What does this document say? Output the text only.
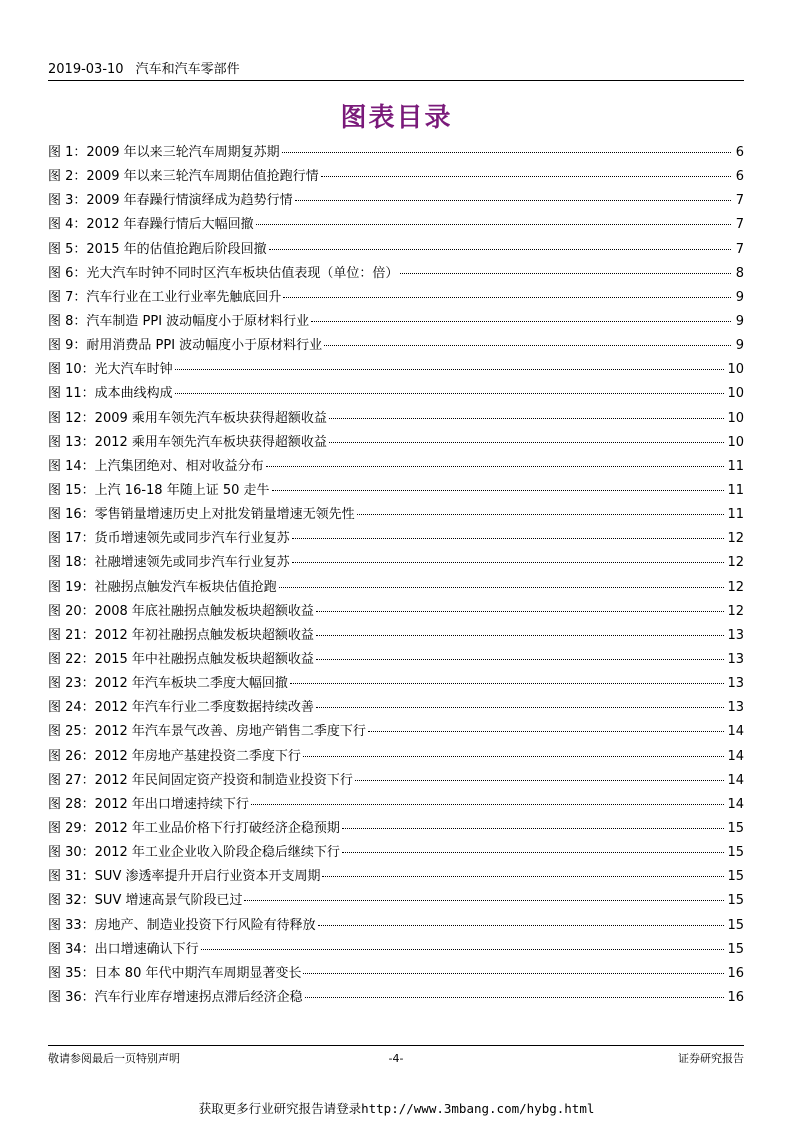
2019-03-10 汽车和汽车零部件
图表目录
图 1：2009 年以来三轮汽车周期复苏期	6
图 2：2009 年以来三轮汽车周期估值抢跑行情	6
图 3：2009 年春躁行情演绎成为趋势行情	7
图 4：2012 年春躁行情后大幅回撤	7
图 5：2015 年的估值抢跑后阶段回撤	7
图 6：光大汽车时钟不同时区汽车板块估值表现（单位：倍）	8
图 7：汽车行业在工业行业率先触底回升	9
图 8：汽车制造 PPI 波动幅度小于原材料行业	9
图 9：耐用消费品 PPI 波动幅度小于原材料行业	9
图 10：光大汽车时钟	10
图 11：成本曲线构成	10
图 12：2009 乘用车领先汽车板块获得超额收益	10
图 13：2012 乘用车领先汽车板块获得超额收益	10
图 14：上汽集团绝对、相对收益分布	11
图 15：上汽 16-18 年随上证 50 走牛	11
图 16：零售销量增速历史上对批发销量增速无领先性	11
图 17：货币增速领先或同步汽车行业复苏	12
图 18：社融增速领先或同步汽车行业复苏	12
图 19：社融拐点触发汽车板块估值抢跑	12
图 20：2008 年底社融拐点触发板块超额收益	12
图 21：2012 年初社融拐点触发板块超额收益	13
图 22：2015 年中社融拐点触发板块超额收益	13
图 23：2012 年汽车板块二季度大幅回撤	13
图 24：2012 年汽车行业二季度数据持续改善	13
图 25：2012 年汽车景气改善、房地产销售二季度下行	14
图 26：2012 年房地产基建投资二季度下行	14
图 27：2012 年民间固定资产投资和制造业投资下行	14
图 28：2012 年出口增速持续下行	14
图 29：2012 年工业品价格下行打破经济企稳预期	15
图 30：2012 年工业企业收入阶段企稳后继续下行	15
图 31：SUV 渗透率提升开启行业资本开支周期	15
图 32：SUV 增速高景气阶段已过	15
图 33：房地产、制造业投资下行风险有待释放	15
图 34：出口增速确认下行	15
图 35：日本 80 年代中期汽车周期显著变长	16
图 36：汽车行业库存增速拐点滞后经济企稳	16
敬请参阅最后一页特别声明	-4-	证券研究报告
获取更多行业研究报告请登录http://www.3mbang.com/hybg.html
